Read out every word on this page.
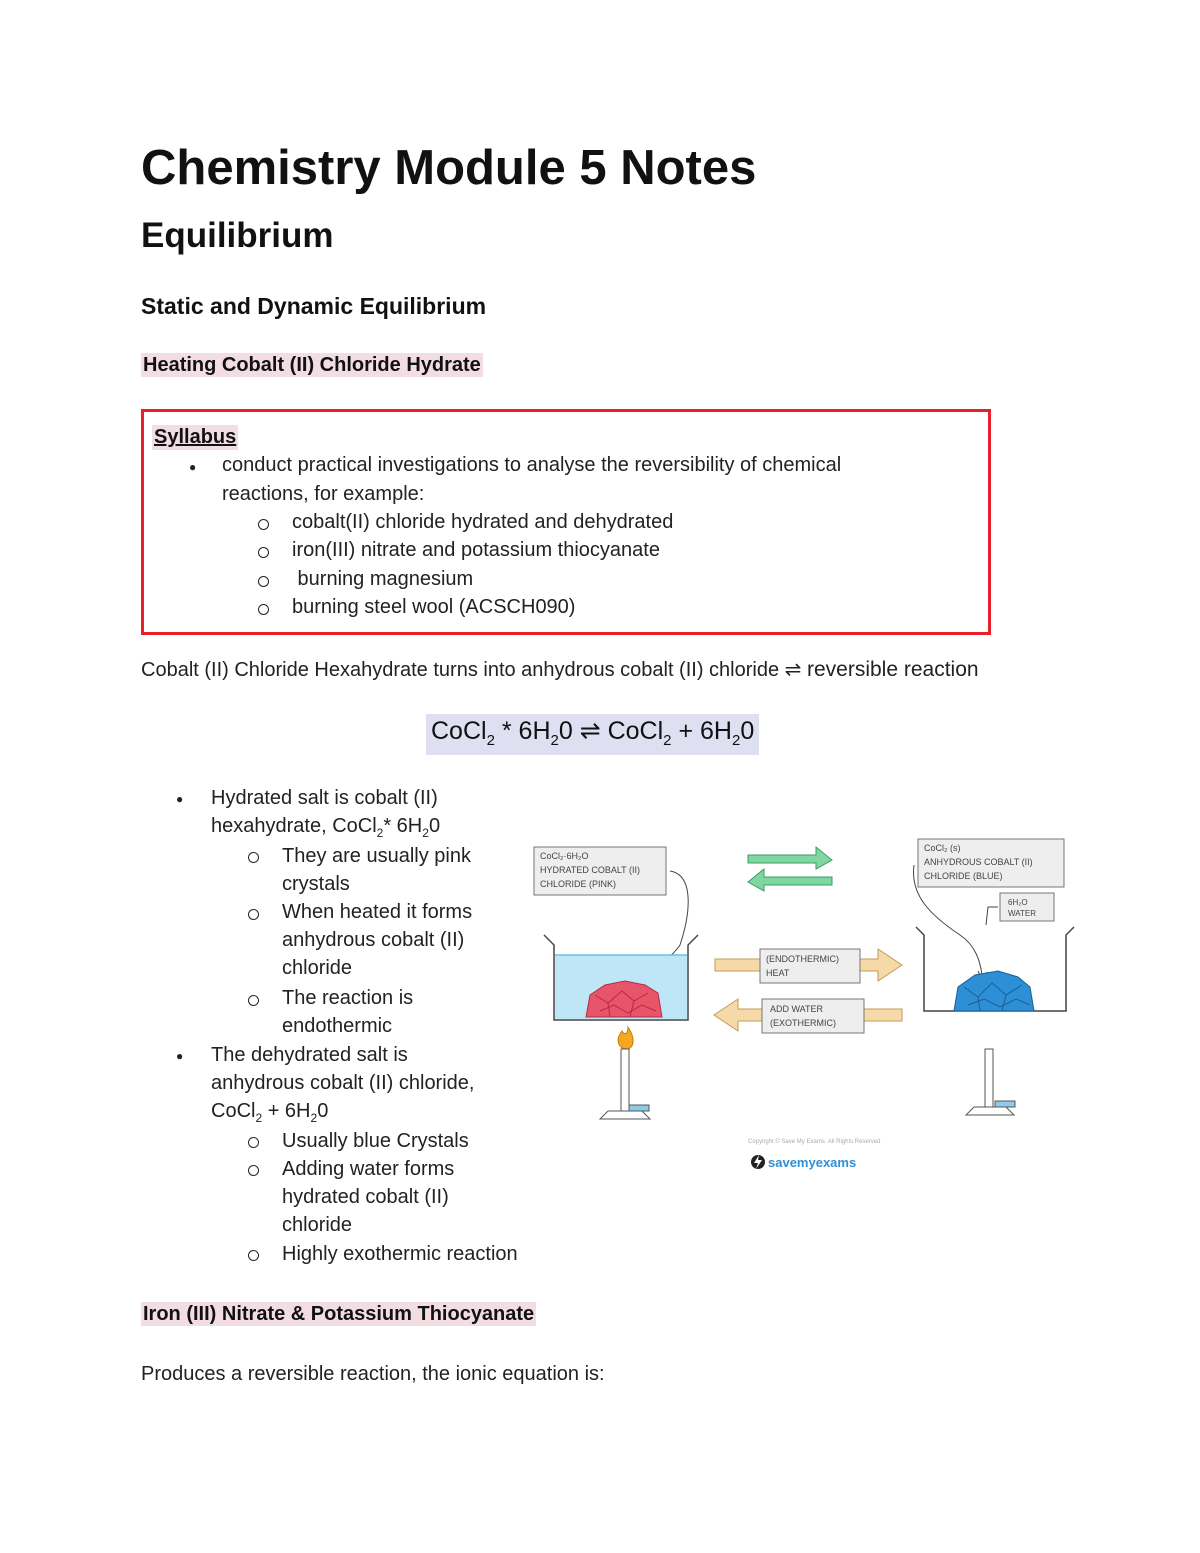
Chemistry Module 5 Notes
Equilibrium
Static and Dynamic Equilibrium
Heating Cobalt (II) Chloride Hydrate
Syllabus
● conduct practical investigations to analyse the reversibility of chemical
reactions, for example:
cobalt(II) chloride hydrated and dehydrated
iron(III) nitrate and potassium thiocyanate
burning magnesium
burning steel wool (ACSCH090)
Cobalt (II) Chloride Hexahydrate turns into anhydrous cobalt (II) chloride ⇌ reversible reaction
CoCl$_2$ * $6H_20$ ⇌ CoCl$_2$ + $6H_20$
● Hydrated salt is cobalt (II)
hexahydrate, CoCl$_2$* $6H_20$
They are usually pink
crystals
When heated it forms
anhydrous cobalt (II)
chloride
The reaction is
endothermic
● The dehydrated salt is
anhydrous cobalt (II) chloride,
CoCl$_2$ + $6H_20$
Usually blue Crystals
Adding water forms
hydrated cobalt (II)
chloride
Highly exothermic reaction
CoCl₂·6H₂O
HYDRATED COBALT (II)
CHLORIDE (PINK)
(ENDOTHERMIC)
HEAT
ADD WATER
(EXOTHERMIC)
CoCl₂ (s)
ANHYDROUS COBALT (II)
CHLORIDE (BLUE)
6H₂O
WATER
Copyright © Save My Exams. All Rights Reserved
savemyexams
Iron (III) Nitrate & Potassium Thiocyanate
Produces a reversible reaction, the ionic equation is:
